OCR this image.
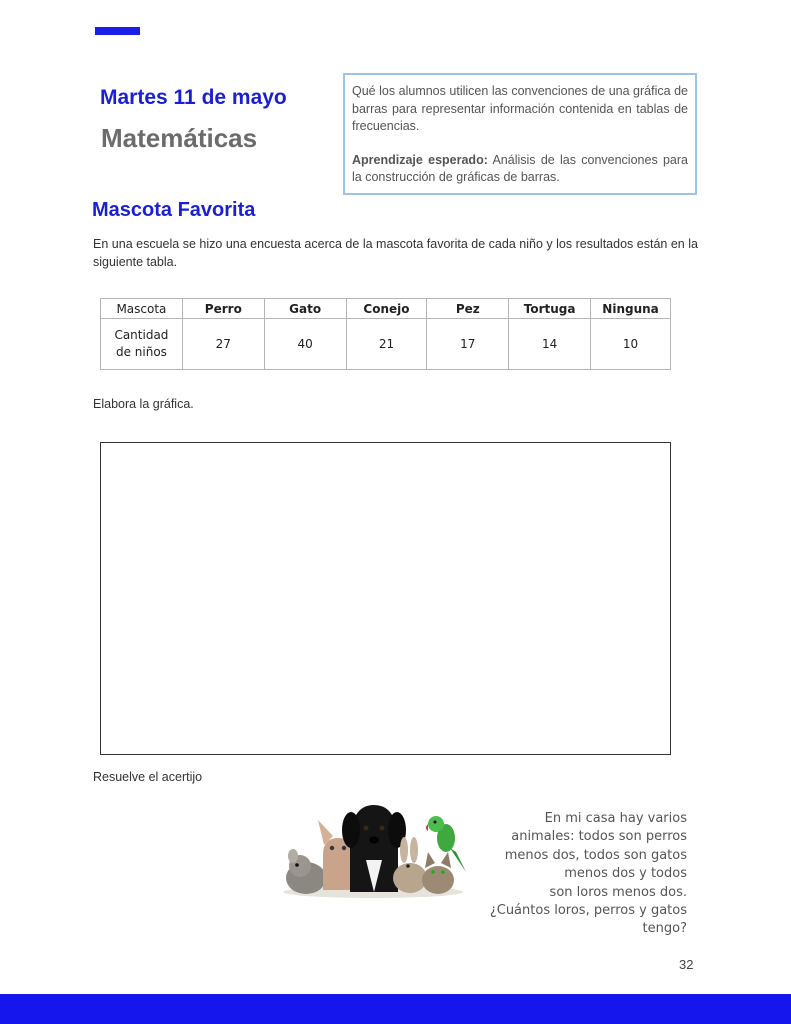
Martes 11 de mayo
Matemáticas

Qué los alumnos utilicen las convenciones de una gráfica de barras para representar información contenida en tablas de frecuencias.

Aprendizaje esperado: Análisis de las convenciones para la construcción de gráficas de barras.

Mascota Favorita
En una escuela se hizo una encuesta acerca de la mascota favorita de cada niño y los resultados están en la siguiente tabla.
Mascota	Perro	Gato	Conejo	Pez	Tortuga	Ninguna
Cantidad
de niños	27	40	21	17	14	10
Elabora la gráfica.
Resuelve el acertijo
En mi casa hay varios
animales: todos son perros
menos dos, todos son gatos
menos dos y todos
son loros menos dos.
¿Cuántos loros, perros y gatos
tengo?
32
